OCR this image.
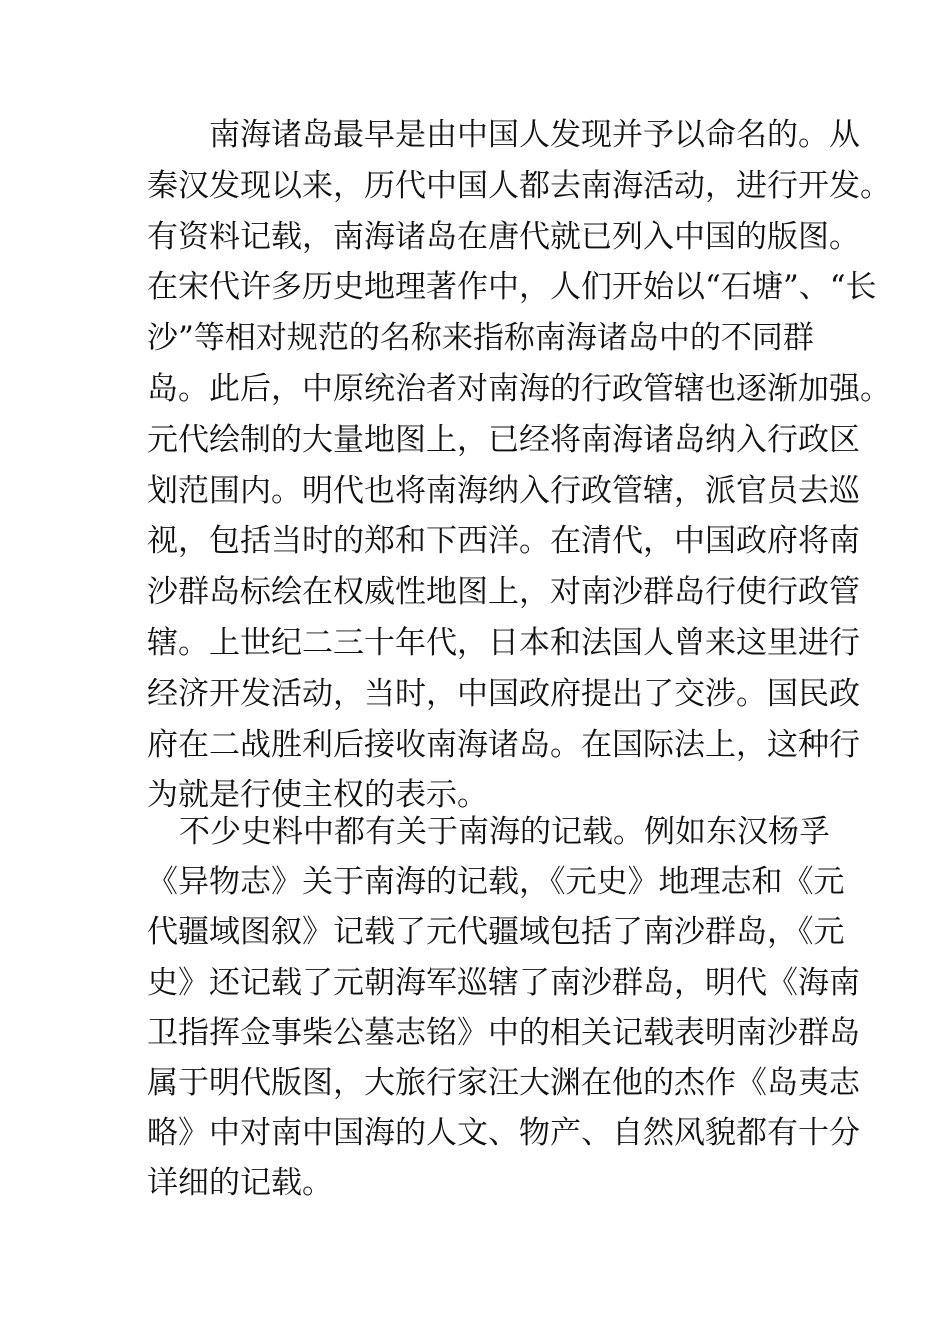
南海诸岛最早是由中国人发现并予以命名的。从
秦汉发现以来，历代中国人都去南海活动，进行开发。
有资料记载，南海诸岛在唐代就已列入中国的版图。
在宋代许多历史地理著作中，人们开始以“石塘”、“长
沙”等相对规范的名称来指称南海诸岛中的不同群
岛。此后，中原统治者对南海的行政管辖也逐渐加强。
元代绘制的大量地图上，已经将南海诸岛纳入行政区
划范围内。明代也将南海纳入行政管辖，派官员去巡
视，包括当时的郑和下西洋。在清代，中国政府将南
沙群岛标绘在权威性地图上，对南沙群岛行使行政管
辖。上世纪二三十年代，日本和法国人曾来这里进行
经济开发活动，当时，中国政府提出了交涉。国民政
府在二战胜利后接收南海诸岛。在国际法上，这种行
为就是行使主权的表示。
不少史料中都有关于南海的记载。例如东汉杨孚
《异物志》关于南海的记载，《元史》地理志和《元
代疆域图叙》记载了元代疆域包括了南沙群岛，《元
史》还记载了元朝海军巡辖了南沙群岛，明代《海南
卫指挥佥事柴公墓志铭》中的相关记载表明南沙群岛
属于明代版图，大旅行家汪大渊在他的杰作《岛夷志
略》中对南中国海的人文、物产、自然风貌都有十分
详细的记载。
